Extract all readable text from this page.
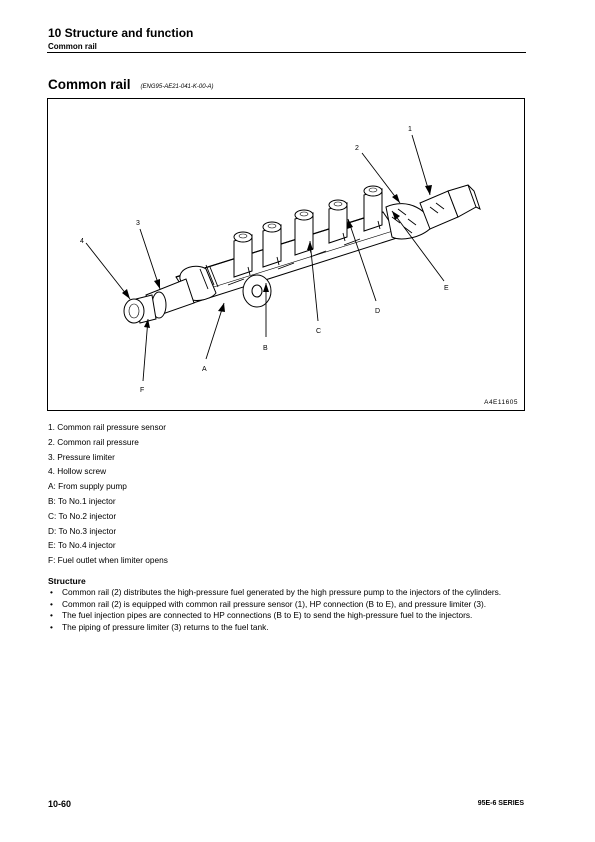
10 Structure and function
Common rail
Common rail (ENG95-AE21-041-K-00-A)
1
2
3
4
A
B
C
D
E
F
A4E11605
1. Common rail pressure sensor
2. Common rail pressure
3. Pressure limiter
4. Hollow screw
A: From supply pump
B: To No.1 injector
C: To No.2 injector
D: To No.3 injector
E: To No.4 injector
F: Fuel outlet when limiter opens
Structure
• Common rail (2) distributes the high-pressure fuel generated by the high pressure pump to the injectors of the cylinders.
• Common rail (2) is equipped with common rail pressure sensor (1), HP connection (B to E), and pressure limiter (3).
• The fuel injection pipes are connected to HP connections (B to E) to send the high-pressure fuel to the injectors.
• The piping of pressure limiter (3) returns to the fuel tank.
10-60	95E-6 SERIES
